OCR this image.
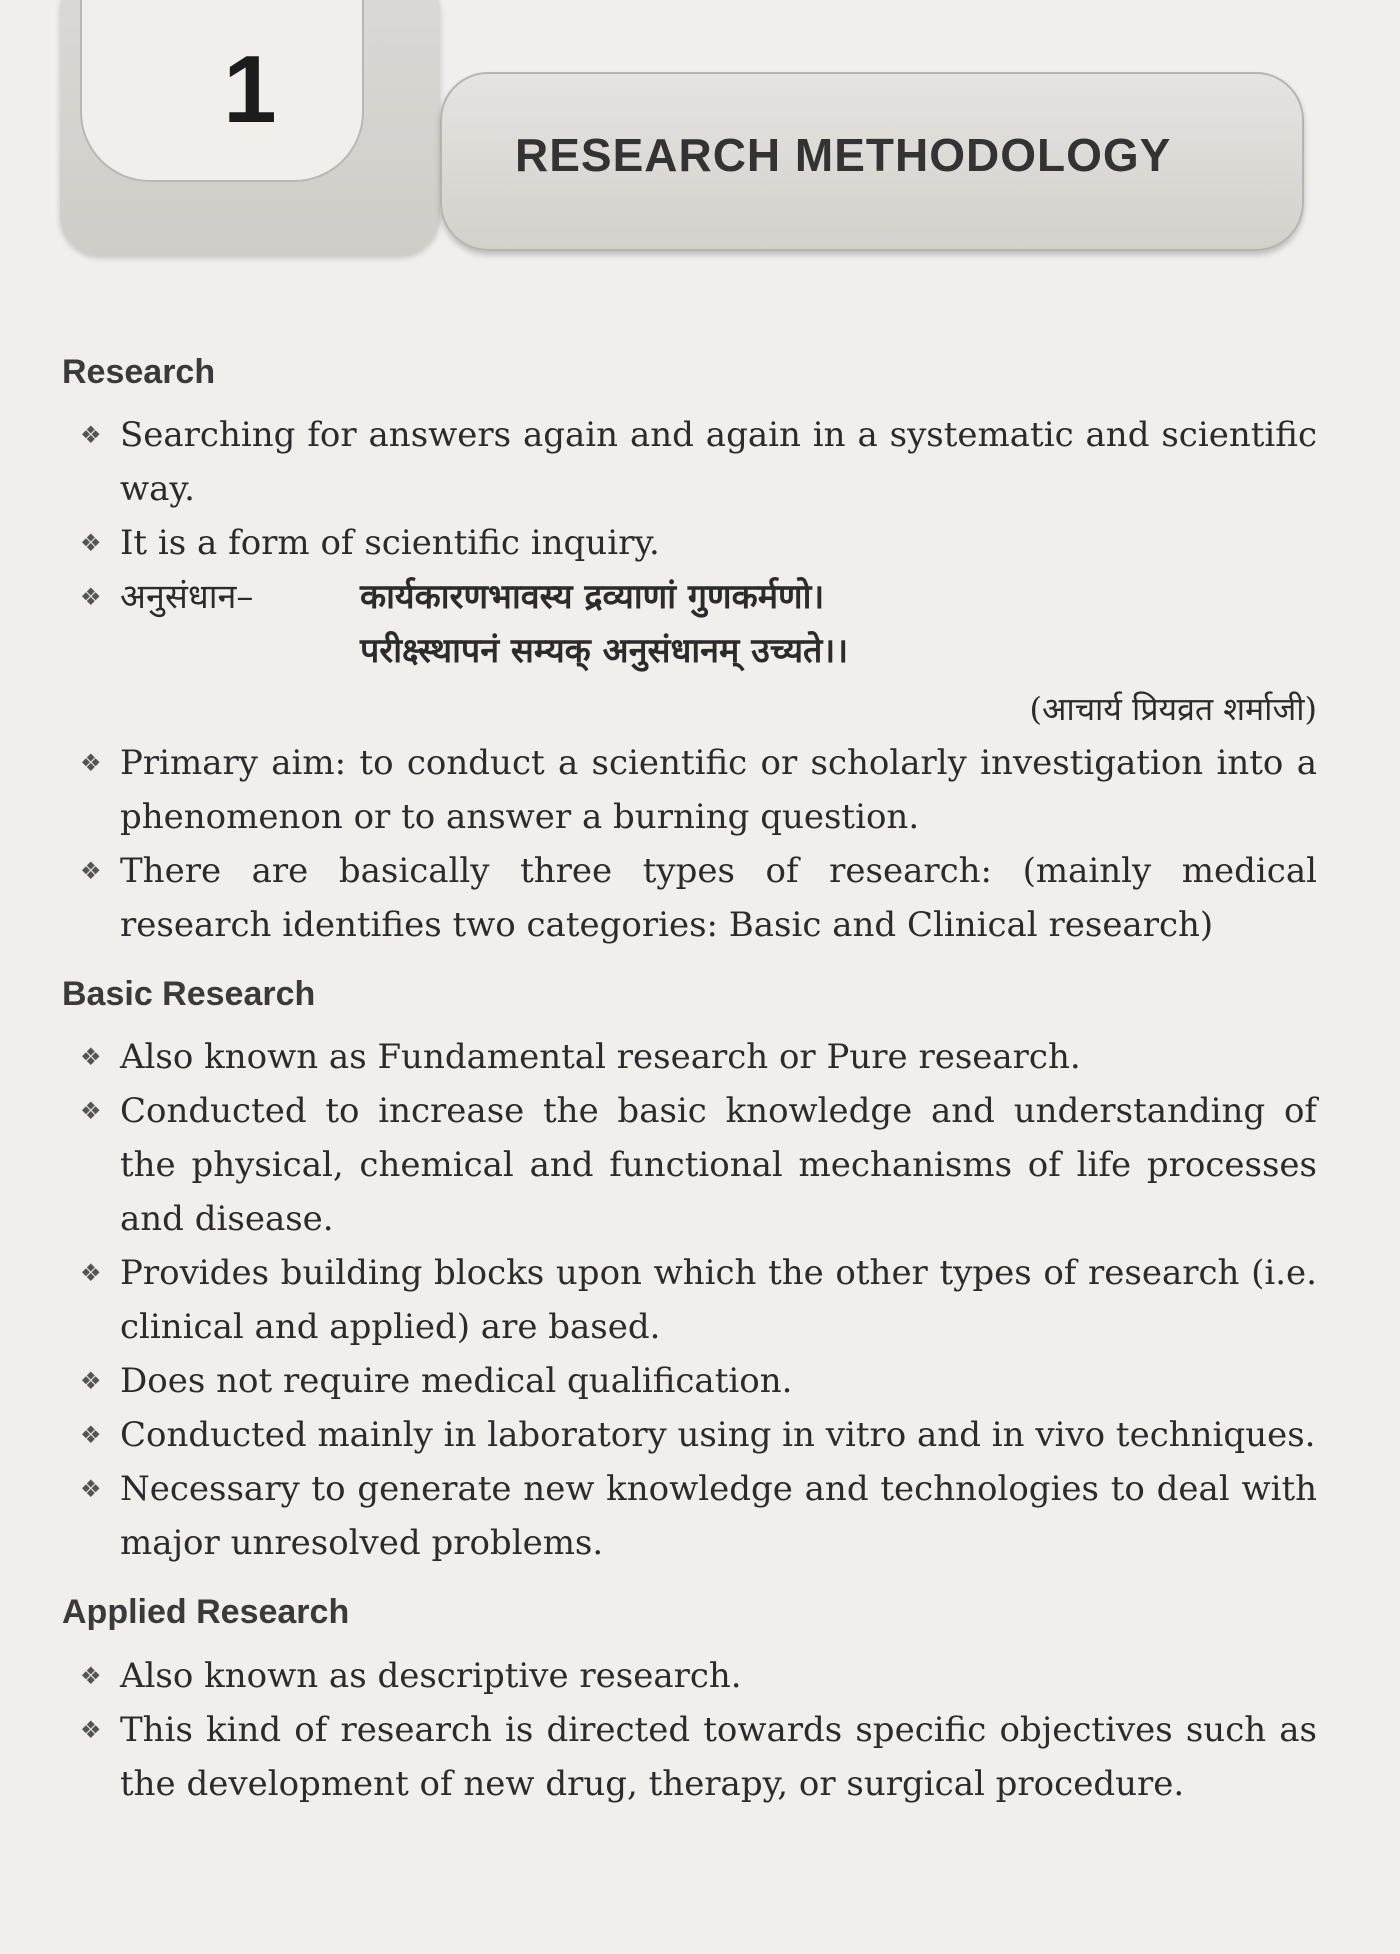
1
RESEARCH METHODOLOGY
Research
❖ Searching for answers again and again in a systematic and scientific way.
❖ It is a form of scientific inquiry.
❖ अनुसंधान–	कार्यकारणभावस्य द्रव्याणां गुणकर्मणो।
परीक्ष्स्थापनं सम्यक् अनुसंधानम् उच्यते।।
(आचार्य प्रियव्रत शर्माजी)
❖ Primary aim: to conduct a scientific or scholarly investigation into a phenomenon or to answer a burning question.
❖ There are basically three types of research: (mainly medical research identifies two categories: Basic and Clinical research)
Basic Research
❖ Also known as Fundamental research or Pure research.
❖ Conducted to increase the basic knowledge and understanding of the physical, chemical and functional mechanisms of life processes and disease.
❖ Provides building blocks upon which the other types of research (i.e. clinical and applied) are based.
❖ Does not require medical qualification.
❖ Conducted mainly in laboratory using in vitro and in vivo techniques.
❖ Necessary to generate new knowledge and technologies to deal with major unresolved problems.
Applied Research
❖ Also known as descriptive research.
❖ This kind of research is directed towards specific objectives such as the development of new drug, therapy, or surgical procedure.
